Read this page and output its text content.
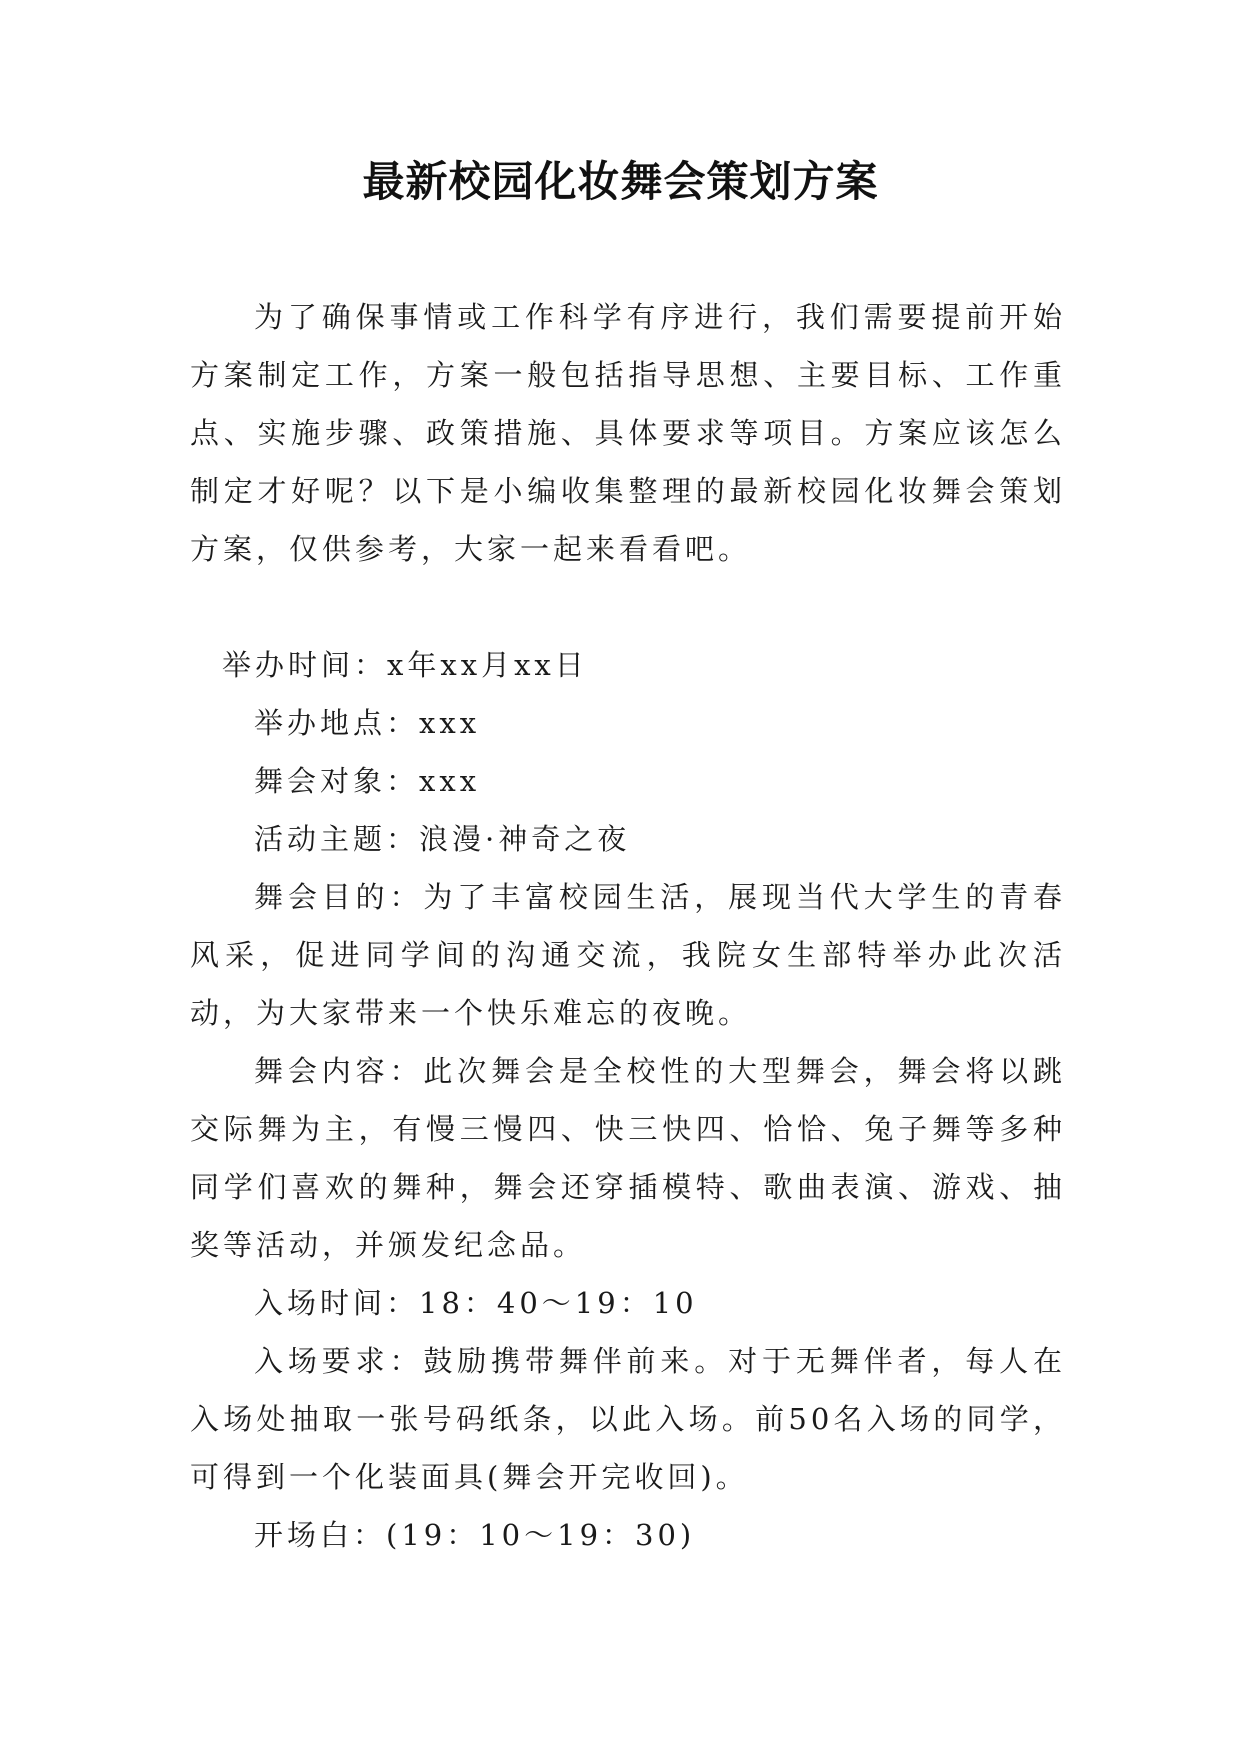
最新校园化妆舞会策划方案

为了确保事情或工作科学有序进行，我们需要提前开始方案制定工作，方案一般包括指导思想、主要目标、工作重点、实施步骤、政策措施、具体要求等项目。方案应该怎么制定才好呢？以下是小编收集整理的最新校园化妆舞会策划方案，仅供参考，大家一起来看看吧。

举办时间：x年xx月xx日

举办地点：xxx

舞会对象：xxx

活动主题：浪漫·神奇之夜

舞会目的：为了丰富校园生活，展现当代大学生的青春风采，促进同学间的沟通交流，我院女生部特举办此次活动，为大家带来一个快乐难忘的夜晚。

舞会内容：此次舞会是全校性的大型舞会，舞会将以跳交际舞为主，有慢三慢四、快三快四、恰恰、兔子舞等多种同学们喜欢的舞种，舞会还穿插模特、歌曲表演、游戏、抽奖等活动，并颁发纪念品。

入场时间：18：40～19：10

入场要求：鼓励携带舞伴前来。对于无舞伴者，每人在入场处抽取一张号码纸条，以此入场。前50名入场的同学，可得到一个化装面具(舞会开完收回)。

开场白：(19：10～19：30)
